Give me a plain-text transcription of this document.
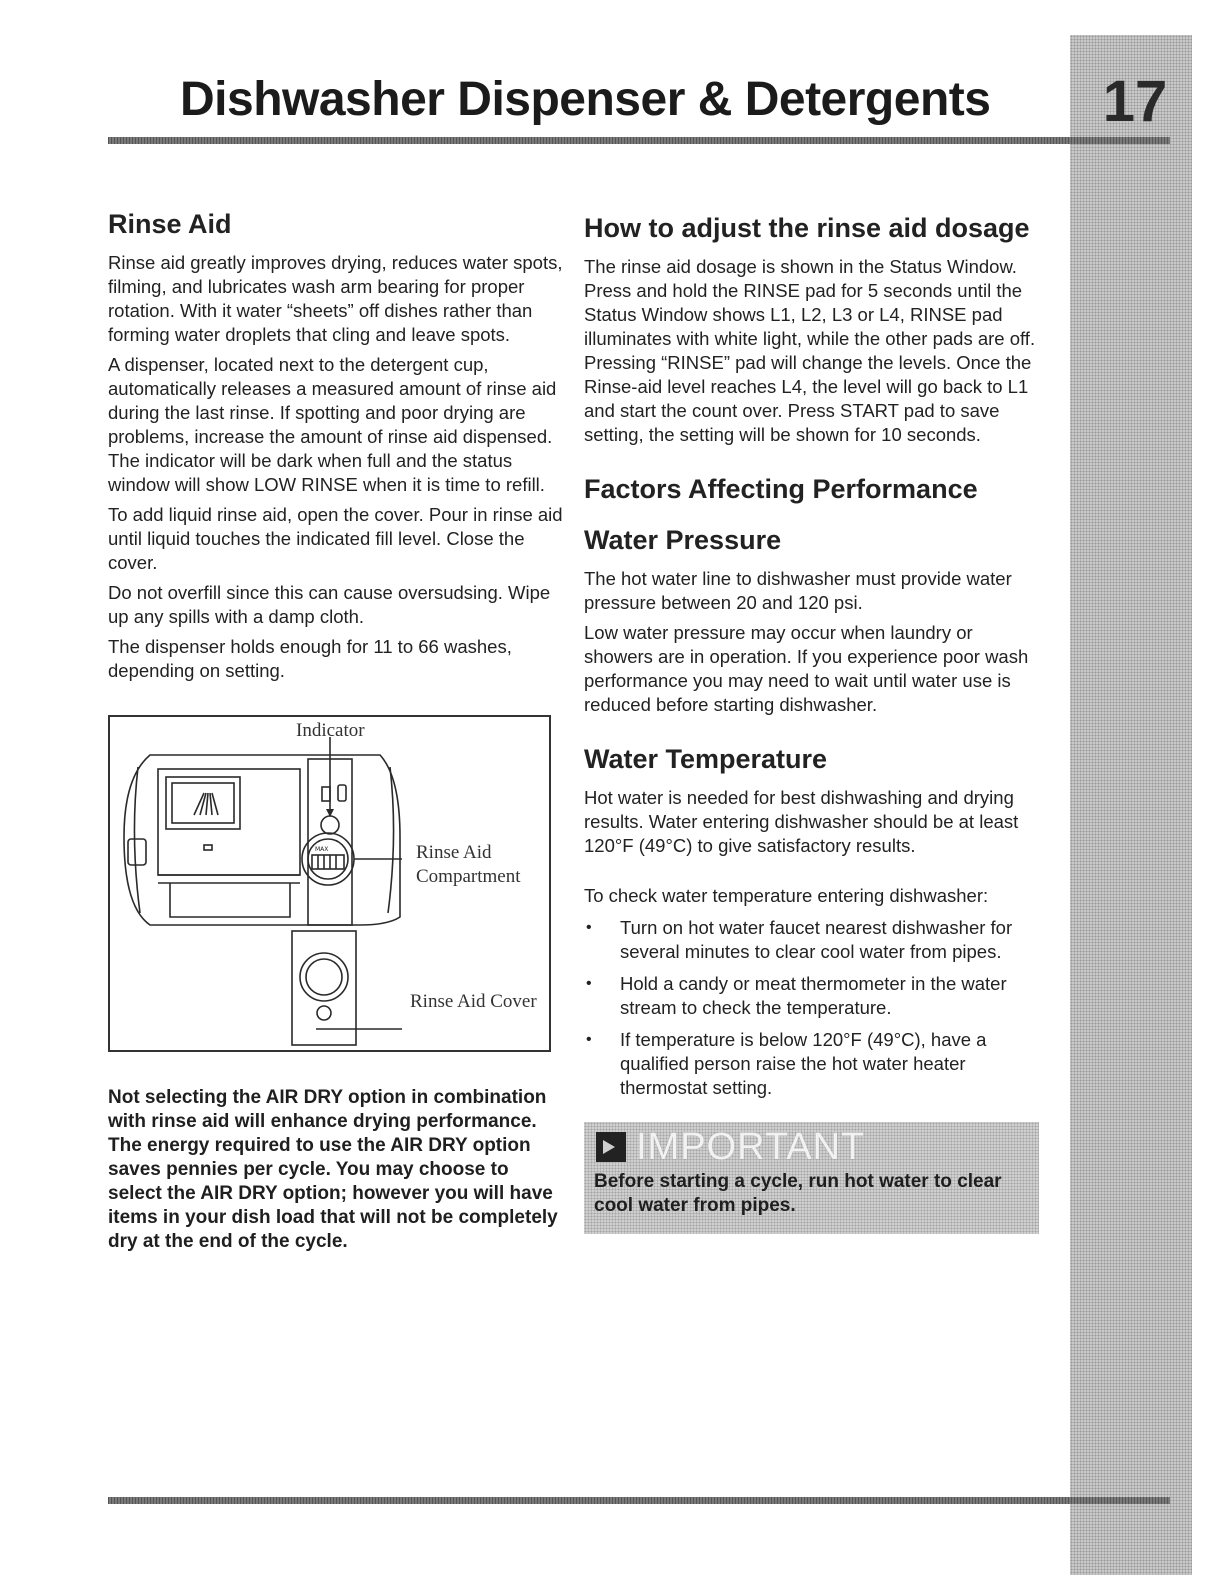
Dishwasher Dispenser & Detergents	17
Rinse Aid

Rinse aid greatly improves drying, reduces water spots, filming, and lubricates wash arm bearing for proper rotation. With it water “sheets” off dishes rather than forming water droplets that cling and leave spots.

A dispenser, located next to the detergent cup, automatically releases a measured amount of rinse aid during the last rinse. If spotting and poor drying are problems, increase the amount of rinse aid dispensed. The indicator will be dark when full and the status window will show LOW RINSE when it is time to refill.

To add liquid rinse aid, open the cover. Pour in rinse aid until liquid touches the indicated fill level. Close the cover.

Do not overfill since this can cause oversudsing. Wipe up any spills with a damp cloth.

The dispenser holds enough for 11 to 66 washes, depending on setting.

MAX
Indicator
Rinse Aid
Compartment
Rinse Aid Cover
Not selecting the AIR DRY option in combination with rinse aid will enhance drying performance. The energy required to use the AIR DRY option saves pennies per cycle. You may choose to select the AIR DRY option; however you will have items in your dish load that will not be completely dry at the end of the cycle.
How to adjust the rinse aid dosage

The rinse aid dosage is shown in the Status Window. Press and hold the RINSE pad for 5 seconds until the Status Window shows L1, L2, L3 or L4, RINSE pad illuminates with white light, while the other pads are off. Pressing “RINSE” pad will change the levels. Once the Rinse-aid level reaches L4, the level will go back to L1 and start the count over. Press START pad to save setting, the setting will be shown for 10 seconds.

Factors Affecting Performance
Water Pressure

The hot water line to dishwasher must provide water pressure between 20 and 120 psi.

Low water pressure may occur when laundry or showers are in operation. If you experience poor wash performance you may need to wait until water use is reduced before starting dishwasher.

Water Temperature

Hot water is needed for best dishwashing and drying results. Water entering dishwasher should be at least 120°F (49°C) to give satisfactory results.

To check water temperature entering dishwasher:

• Turn on hot water faucet nearest dishwasher for several minutes to clear cool water from pipes.
• Hold a candy or meat thermometer in the water stream to check the temperature.
• If temperature is below 120°F (49°C), have a qualified person raise the hot water heater thermostat setting.
IMPORTANT
Before starting a cycle, run hot water to clear cool water from pipes.
